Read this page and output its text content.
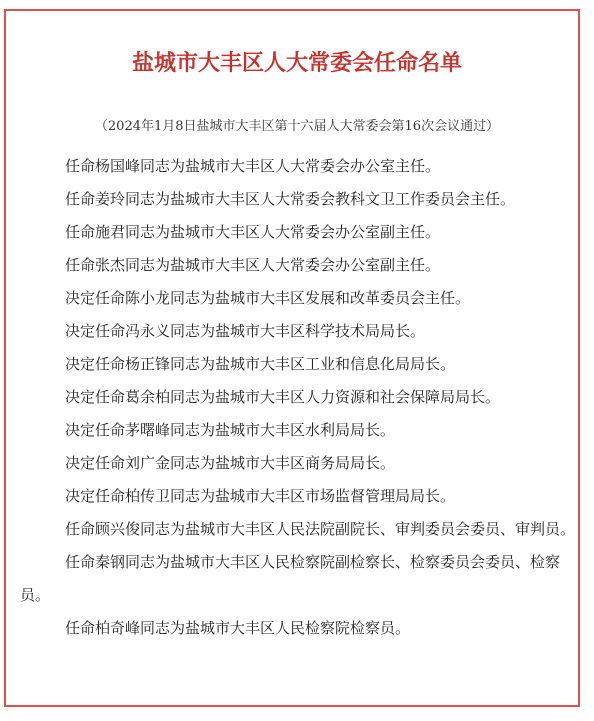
盐城市大丰区人大常委会任命名单
（2024年1月8日盐城市大丰区第十六届人大常委会第16次会议通过）

任命杨国峰同志为盐城市大丰区人大常委会办公室主任。

任命姜玲同志为盐城市大丰区人大常委会教科文卫工作委员会主任。

任命施君同志为盐城市大丰区人大常委会办公室副主任。

任命张杰同志为盐城市大丰区人大常委会办公室副主任。

决定任命陈小龙同志为盐城市大丰区发展和改革委员会主任。

决定任命冯永义同志为盐城市大丰区科学技术局局长。

决定任命杨正锋同志为盐城市大丰区工业和信息化局局长。

决定任命葛余柏同志为盐城市大丰区人力资源和社会保障局局长。

决定任命茅曙峰同志为盐城市大丰区水利局局长。

决定任命刘广金同志为盐城市大丰区商务局局长。

决定任命柏传卫同志为盐城市大丰区市场监督管理局局长。

任命顾兴俊同志为盐城市大丰区人民法院副院长、审判委员会委员、审判员。

任命秦钢同志为盐城市大丰区人民检察院副检察长、检察委员会委员、检察员。

任命柏奇峰同志为盐城市大丰区人民检察院检察员。
